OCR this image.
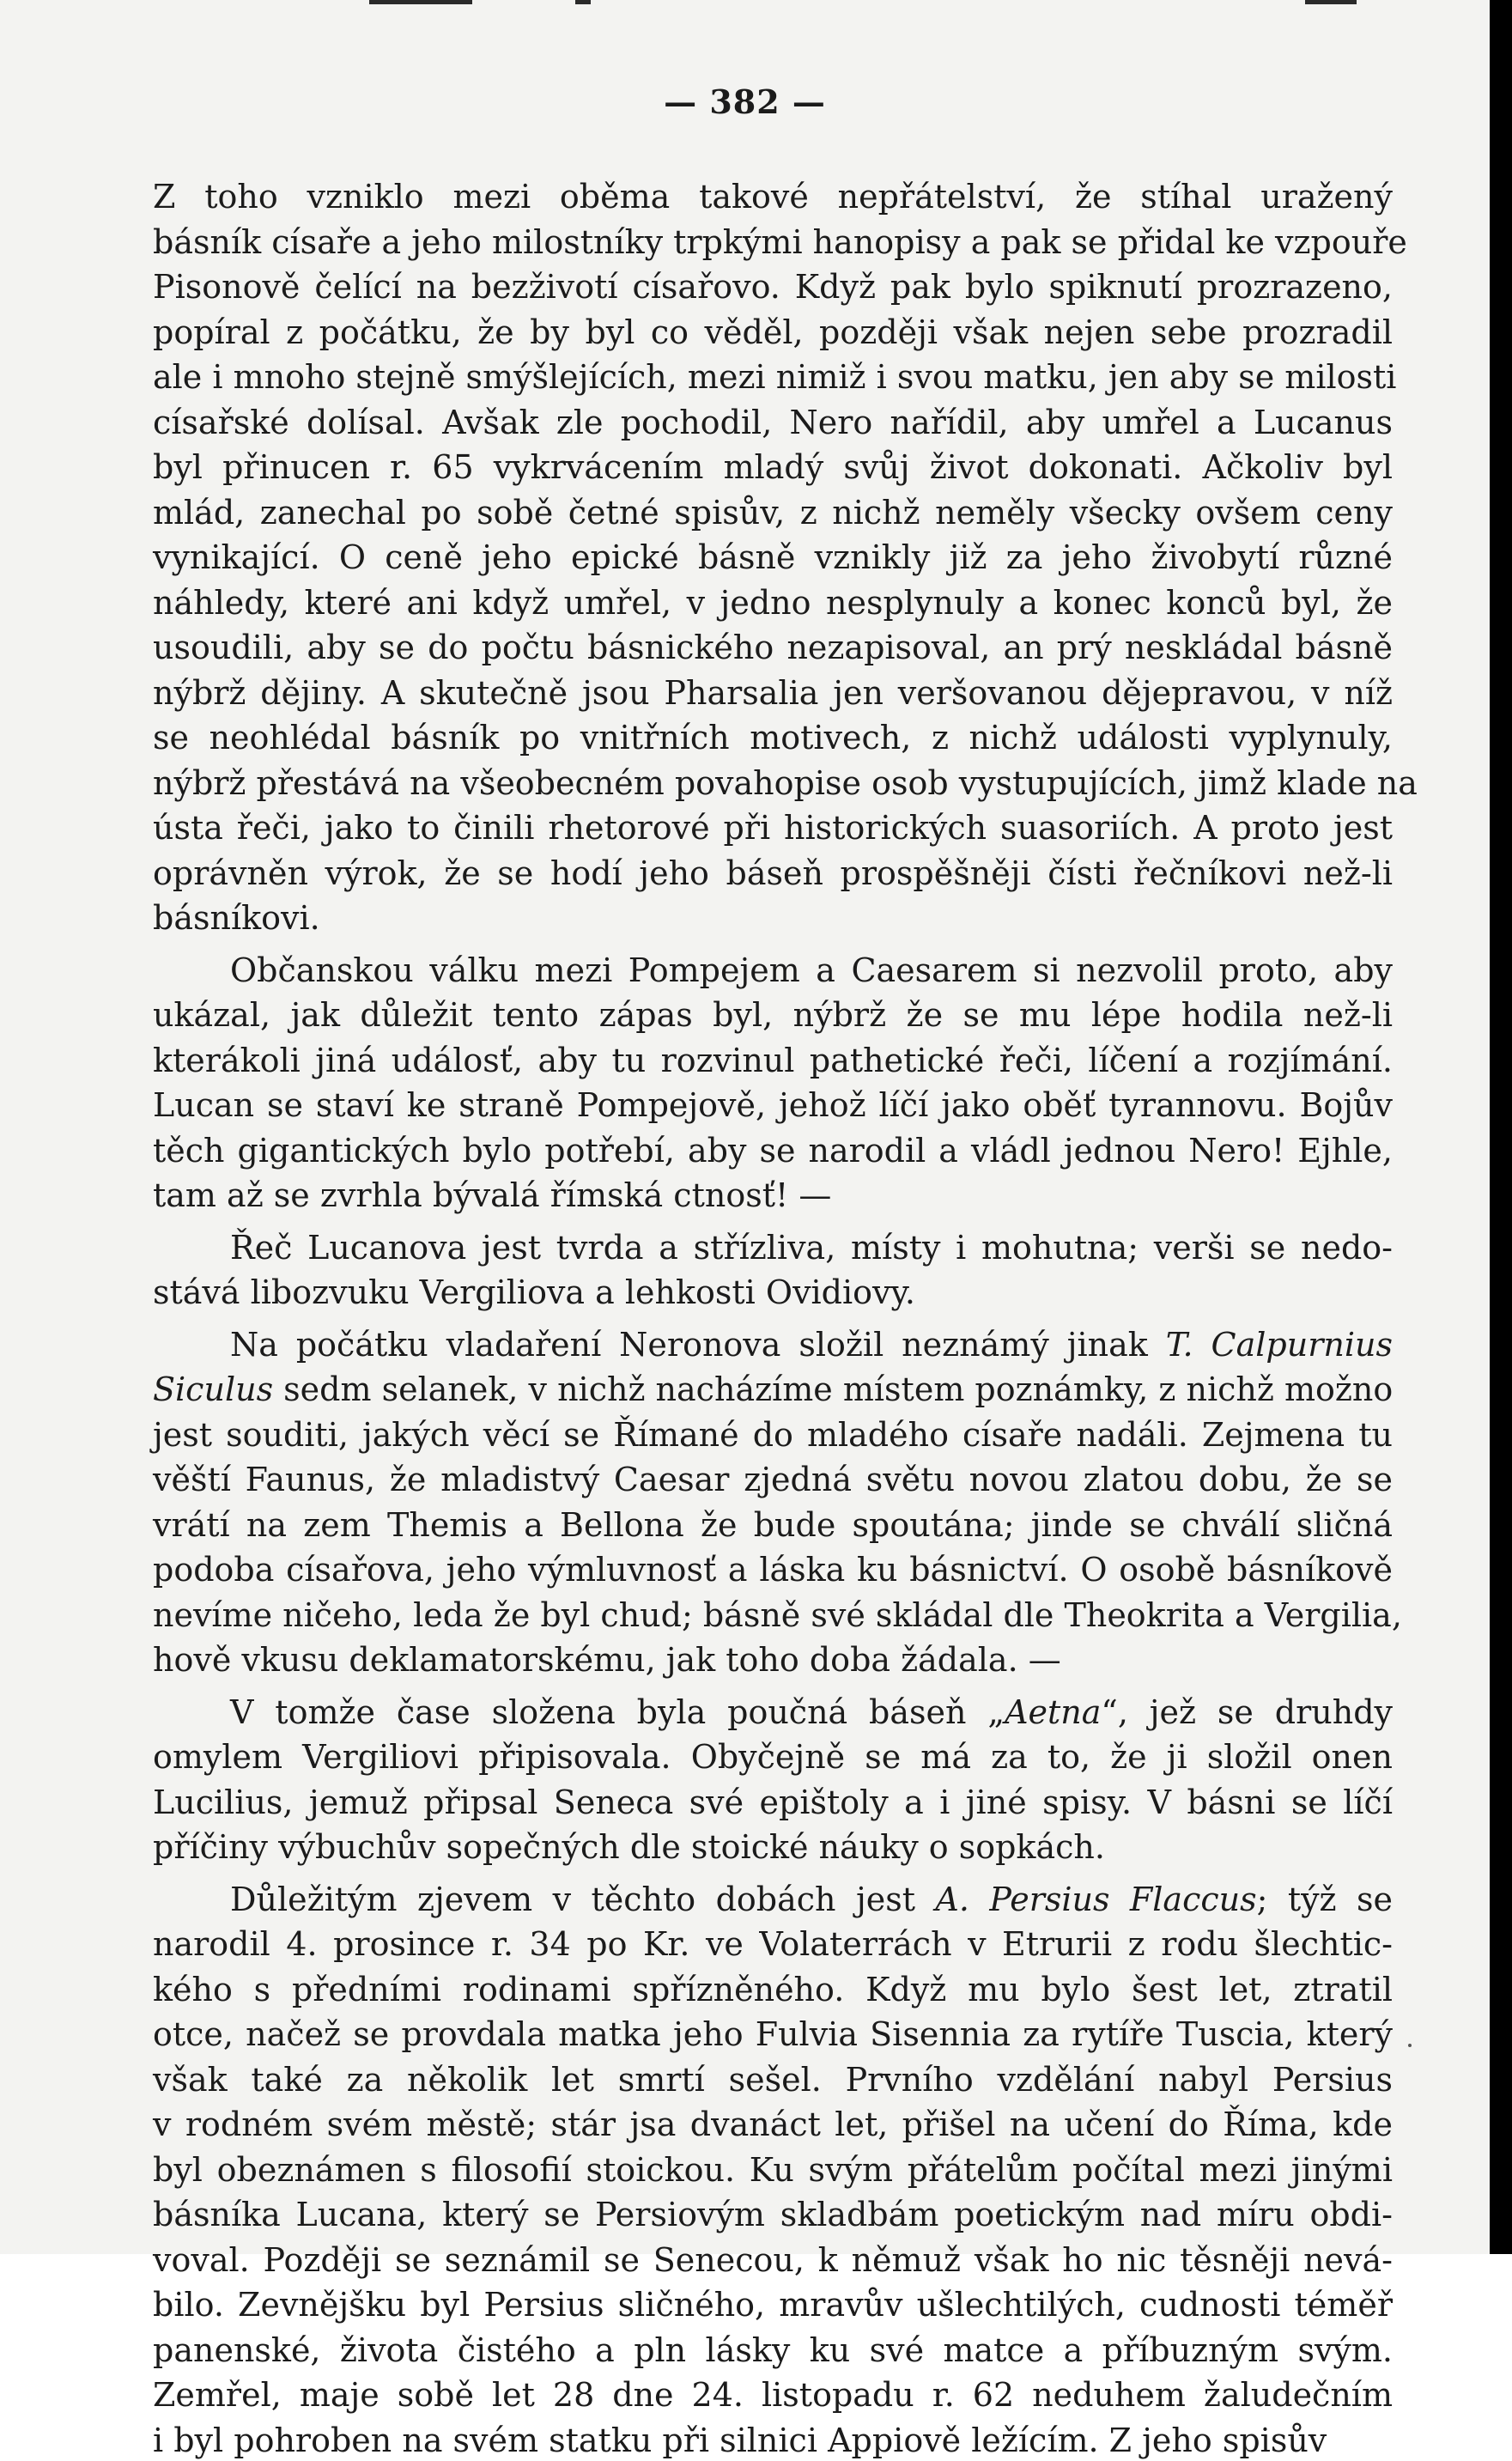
— 382 —
Z toho vzniklo mezi oběma takové nepřátelství, že stíhal uražený
básník císaře a jeho milostníky trpkými hanopisy a pak se přidal ke vzpouře
Pisonově čelící na bezživotí císařovo. Když pak bylo spiknutí prozrazeno,
popíral z počátku, že by byl co věděl, později však nejen sebe prozradil
ale i mnoho stejně smýšlejících, mezi nimiž i svou matku, jen aby se milosti
císařské dolísal. Avšak zle pochodil, Nero nařídil, aby umřel a Lucanus
byl přinucen r. 65 vykrvácením mladý svůj život dokonati. Ačkoliv byl
mlád, zanechal po sobě četné spisův, z nichž neměly všecky ovšem ceny
vynikající. O ceně jeho epické básně vznikly již za jeho živobytí různé
náhledy, které ani když umřel, v jedno nesplynuly a konec konců byl, že
usoudili, aby se do počtu básnického nezapisoval, an prý neskládal básně
nýbrž dějiny. A skutečně jsou Pharsalia jen veršovanou dějepravou, v níž
se neohlédal básník po vnitřních motivech, z nichž události vyplynuly,
nýbrž přestává na všeobecném povahopise osob vystupujících, jimž klade na
ústa řeči, jako to činili rhetorové při historických suasoriích. A proto jest
oprávněn výrok, že se hodí jeho báseň prospěšněji čísti řečníkovi než-li
básníkovi.
Občanskou válku mezi Pompejem a Caesarem si nezvolil proto, aby
ukázal, jak důležit tento zápas byl, nýbrž že se mu lépe hodila než-li
kterákoli jiná událosť, aby tu rozvinul pathetické řeči, líčení a rozjímání.
Lucan se staví ke straně Pompejově, jehož líčí jako oběť tyrannovu. Bojův
těch gigantických bylo potřebí, aby se narodil a vládl jednou Nero! Ejhle,
tam až se zvrhla bývalá římská ctnosť! —
Řeč Lucanova jest tvrda a střízliva, místy i mohutna; verši se nedo-
stává libozvuku Vergiliova a lehkosti Ovidiovy.
Na počátku vladaření Neronova složil neznámý jinak T. Calpurnius
Siculus sedm selanek, v nichž nacházíme místem poznámky, z nichž možno
jest souditi, jakých věcí se Římané do mladého císaře nadáli. Zejmena tu
věští Faunus, že mladistvý Caesar zjedná světu novou zlatou dobu, že se
vrátí na zem Themis a Bellona že bude spoutána; jinde se chválí sličná
podoba císařova, jeho výmluvnosť a láska ku básnictví. O osobě básníkově
nevíme ničeho, leda že byl chud; básně své skládal dle Theokrita a Vergilia,
hově vkusu deklamatorskému, jak toho doba žádala. —
V tomže čase složena byla poučná báseň „Aetna“, jež se druhdy
omylem Vergiliovi připisovala. Obyčejně se má za to, že ji složil onen
Lucilius, jemuž připsal Seneca své epištoly a i jiné spisy. V básni se líčí
příčiny výbuchův sopečných dle stoické náuky o sopkách.
Důležitým zjevem v těchto dobách jest A. Persius Flaccus; týž se
narodil 4. prosince r. 34 po Kr. ve Volaterrách v Etrurii z rodu šlechtic-
kého s předními rodinami spřízněného. Když mu bylo šest let, ztratil
otce, načež se provdala matka jeho Fulvia Sisennia za rytíře Tuscia, který
však také za několik let smrtí sešel. Prvního vzdělání nabyl Persius
v rodném svém městě; stár jsa dvanáct let, přišel na učení do Říma, kde
byl obeznámen s filosofií stoickou. Ku svým přátelům počítal mezi jinými
básníka Lucana, který se Persiovým skladbám poetickým nad míru obdi-
voval. Později se seznámil se Senecou, k němuž však ho nic těsněji nevá-
bilo. Zevnějšku byl Persius sličného, mravův ušlechtilých, cudnosti téměř
panenské, života čistého a pln lásky ku své matce a příbuzným svým.
Zemřel, maje sobě let 28 dne 24. listopadu r. 62 neduhem žaludečním
i byl pohroben na svém statku při silnici Appiově ležícím. Z jeho spisův
